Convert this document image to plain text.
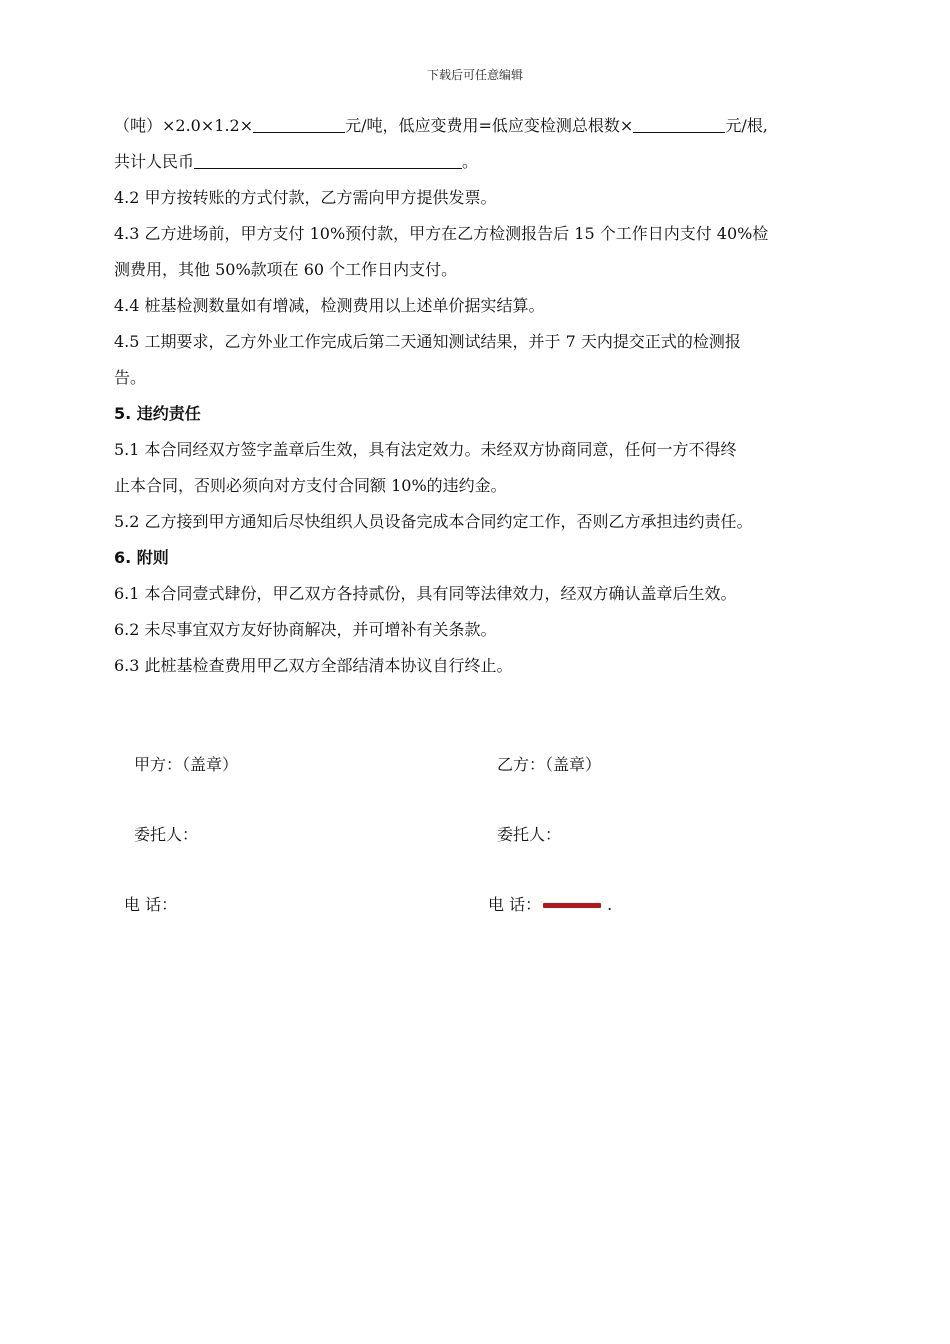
下载后可任意编辑
（吨）×2.0×1.2×	元/吨，低应变费用=低应变检测总根数×	元/根,
共计人民币	。
4.2 甲方按转账的方式付款，乙方需向甲方提供发票。
4.3 乙方进场前，甲方支付 10%预付款，甲方在乙方检测报告后 15 个工作日内支付 40%检
测费用，其他 50%款项在 60 个工作日内支付。
4.4 桩基检测数量如有增减，检测费用以上述单价据实结算。
4.5 工期要求，乙方外业工作完成后第二天通知测试结果，并于 7 天内提交正式的检测报
告。
5. 违约责任
5.1 本合同经双方签字盖章后生效，具有法定效力。未经双方协商同意，任何一方不得终
止本合同，否则必须向对方支付合同额 10%的违约金。
5.2 乙方接到甲方通知后尽快组织人员设备完成本合同约定工作，否则乙方承担违约责任。
6. 附则
6.1 本合同壹式肆份，甲乙双方各持贰份，具有同等法律效力，经双方确认盖章后生效。
6.2 未尽事宜双方友好协商解决，并可增补有关条款。
6.3 此桩基检查费用甲乙双方全部结清本协议自行终止。
甲方：（盖章）	乙方：（盖章）
委托人：	委托人：
电 话：	电 话：	.
